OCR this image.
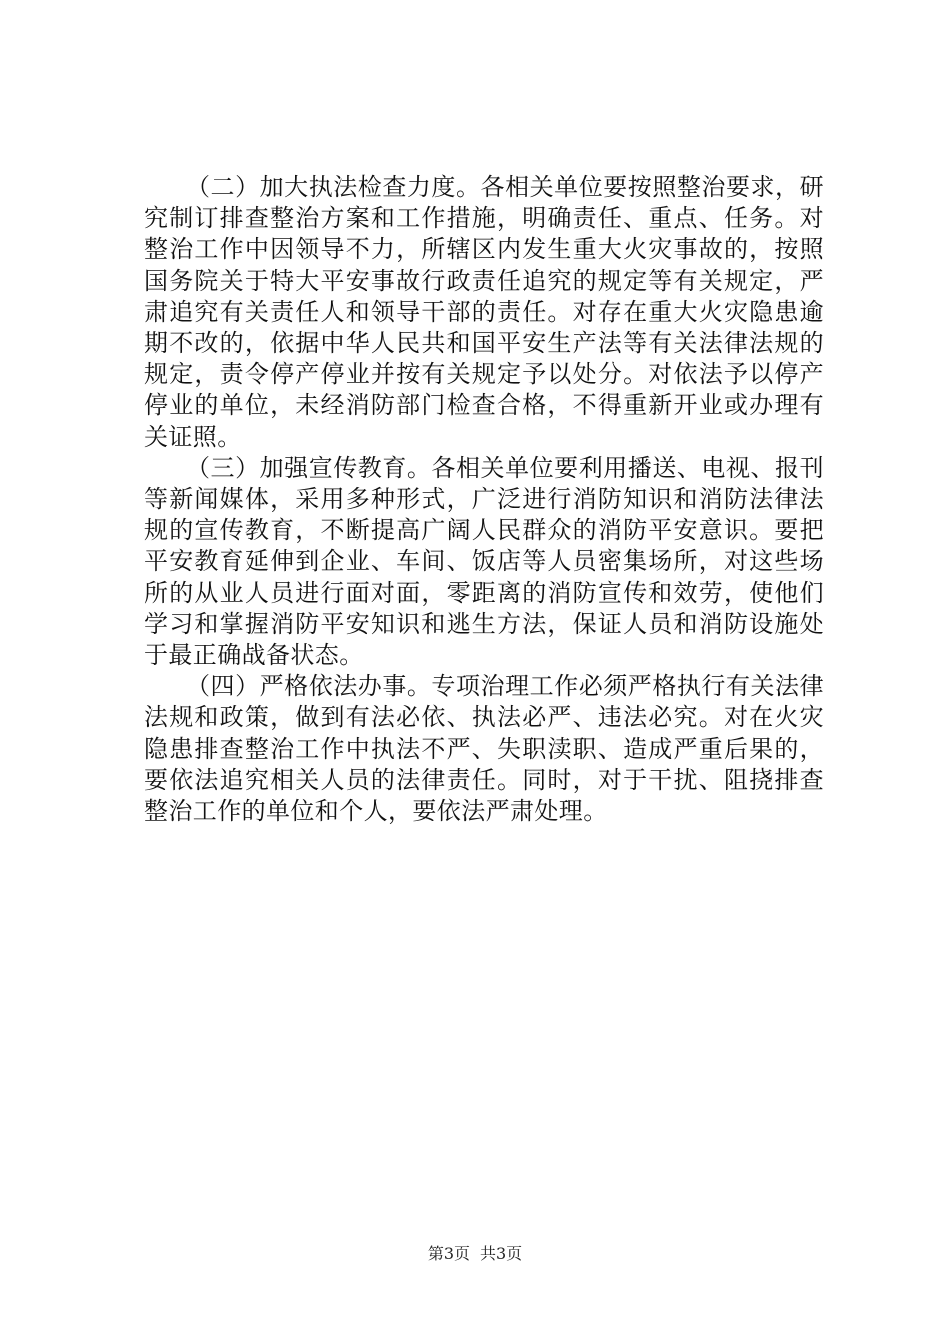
（二）加大执法检查力度。各相关单位要按照整治要求，研究制订排查整治方案和工作措施，明确责任、重点、任务。对整治工作中因领导不力，所辖区内发生重大火灾事故的，按照国务院关于特大平安事故行政责任追究的规定等有关规定，严肃追究有关责任人和领导干部的责任。对存在重大火灾隐患逾期不改的，依据中华人民共和国平安生产法等有关法律法规的规定，责令停产停业并按有关规定予以处分。对依法予以停产停业的单位，未经消防部门检查合格，不得重新开业或办理有关证照。

（三）加强宣传教育。各相关单位要利用播送、电视、报刊等新闻媒体，采用多种形式，广泛进行消防知识和消防法律法规的宣传教育，不断提高广阔人民群众的消防平安意识。要把平安教育延伸到企业、车间、饭店等人员密集场所，对这些场所的从业人员进行面对面，零距离的消防宣传和效劳，使他们学习和掌握消防平安知识和逃生方法，保证人员和消防设施处于最正确战备状态。

（四）严格依法办事。专项治理工作必须严格执行有关法律法规和政策，做到有法必依、执法必严、违法必究。对在火灾隐患排查整治工作中执法不严、失职渎职、造成严重后果的，要依法追究相关人员的法律责任。同时，对于干扰、阻挠排查整治工作的单位和个人，要依法严肃处理。

第3页 共3页
